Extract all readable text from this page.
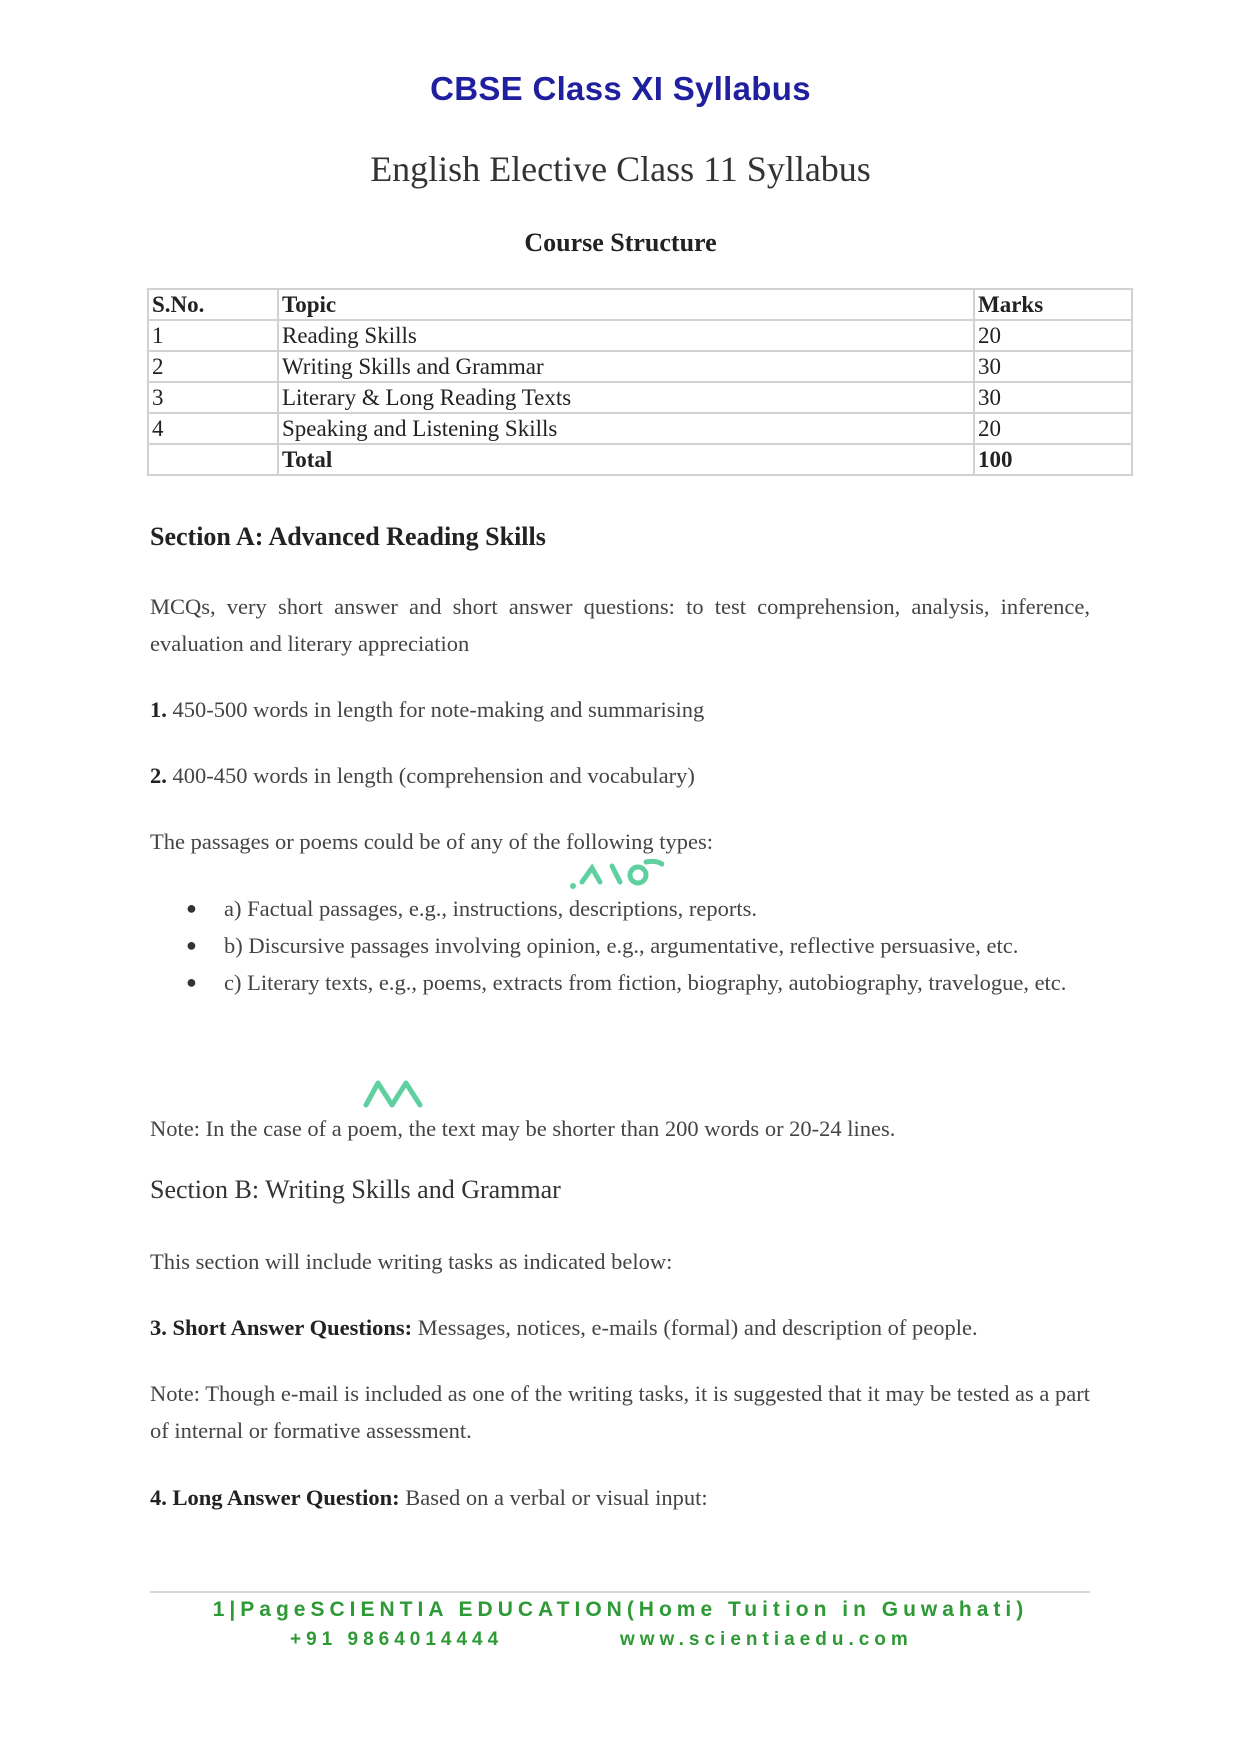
CBSE Class XI Syllabus
English Elective Class 11 Syllabus
Course Structure
S.No.	Topic	Marks
1	Reading Skills	20
2	Writing Skills and Grammar	30
3	Literary & Long Reading Texts	30
4	Speaking and Listening Skills	20
	Total	100
Section A: Advanced Reading Skills
MCQs, very short answer and short answer questions: to test comprehension, analysis, inference, evaluation and literary appreciation
1. 450-500 words in length for note-making and summarising
2. 400-450 words in length (comprehension and vocabulary)
The passages or poems could be of any of the following types:
● a) Factual passages, e.g., instructions, descriptions, reports.
● b) Discursive passages involving opinion, e.g., argumentative, reflective persuasive, etc.
● c) Literary texts, e.g., poems, extracts from fiction, biography, autobiography, travelogue, etc.
Note: In the case of a poem, the text may be shorter than 200 words or 20-24 lines.
Section B: Writing Skills and Grammar
This section will include writing tasks as indicated below:
3. Short Answer Questions: Messages, notices, e-mails (formal) and description of people.
Note: Though e-mail is included as one of the writing tasks, it is suggested that it may be tested as a part of internal or formative assessment.
4. Long Answer Question: Based on a verbal or visual input:
1|PageSCIENTIA EDUCATION(Home Tuition in Guwahati)
+91 9864014444	www.scientiaedu.com
